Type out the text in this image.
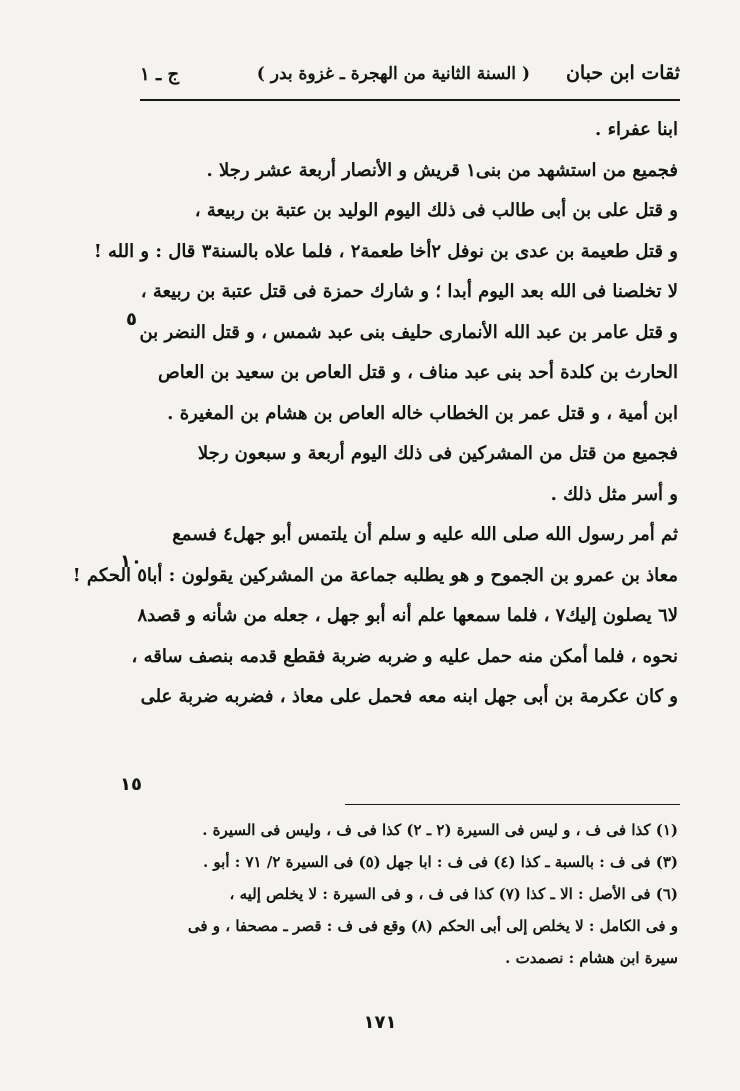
ثقات ابن حبان
( السنة الثانية من الهجرة ـ غزوة بدر )
ج ـ ١
ابنا عفراء .
فجميع من استشهد من بنى١ قريش و الأنصار أربعة عشر رجلا .
و قتل على بن أبى طالب فى ذلك اليوم الوليد بن عتبة بن ربيعة ،
و قتل طعيمة بن عدى بن نوفل ٢أخا طعمة٢ ، فلما علاه بالسنة٣ قال : و الله !
لا تخلصنا فى الله بعد اليوم أبدا ؛ و شارك حمزة فى قتل عتبة بن ربيعة ،
و قتل عامر بن عبد الله الأنمارى حليف بنى عبد شمس ، و قتل النضر بن
الحارث بن كلدة أحد بنى عبد مناف ، و قتل العاص بن سعيد بن العاص
ابن أمية ، و قتل عمر بن الخطاب خاله العاص بن هشام بن المغيرة .
فجميع من قتل من المشركين فى ذلك اليوم أربعة و سبعون رجلا
و أسر مثل ذلك .
ثم أمر رسول الله صلى الله عليه و سلم أن يلتمس أبو جهل٤ فسمع
معاذ بن عمرو بن الجموح و هو يطلبه جماعة من المشركين يقولون : أبا٥ الحكم !
لا٦ يصلون إليك٧ ، فلما سمعها علم أنه أبو جهل ، جعله من شأنه و قصد٨
نحوه ، فلما أمكن منه حمل عليه و ضربه ضربة فقطع قدمه بنصف ساقه ،
و كان عكرمة بن أبى جهل ابنه معه فحمل على معاذ ، فضربه ضربة على
٥
١٠
١٥
(١) كذا فى ف ، و ليس فى السيرة (٢ ـ ٢) كذا فى ف ، وليس فى السيرة .
(٣) فى ف : بالسبة ـ كذا (٤) فى ف : ابا جهل (٥) فى السيرة ٢/ ٧١ : أبو .
(٦) فى الأصل : الا ـ كذا (٧) كذا فى ف ، و فى السيرة : لا يخلص إليه ،
و فى الكامل : لا يخلص إلى أبى الحكم (٨) وقع فى ف : قصر ـ مصحفا ، و فى
سيرة ابن هشام : نصمدت .
١٧١
